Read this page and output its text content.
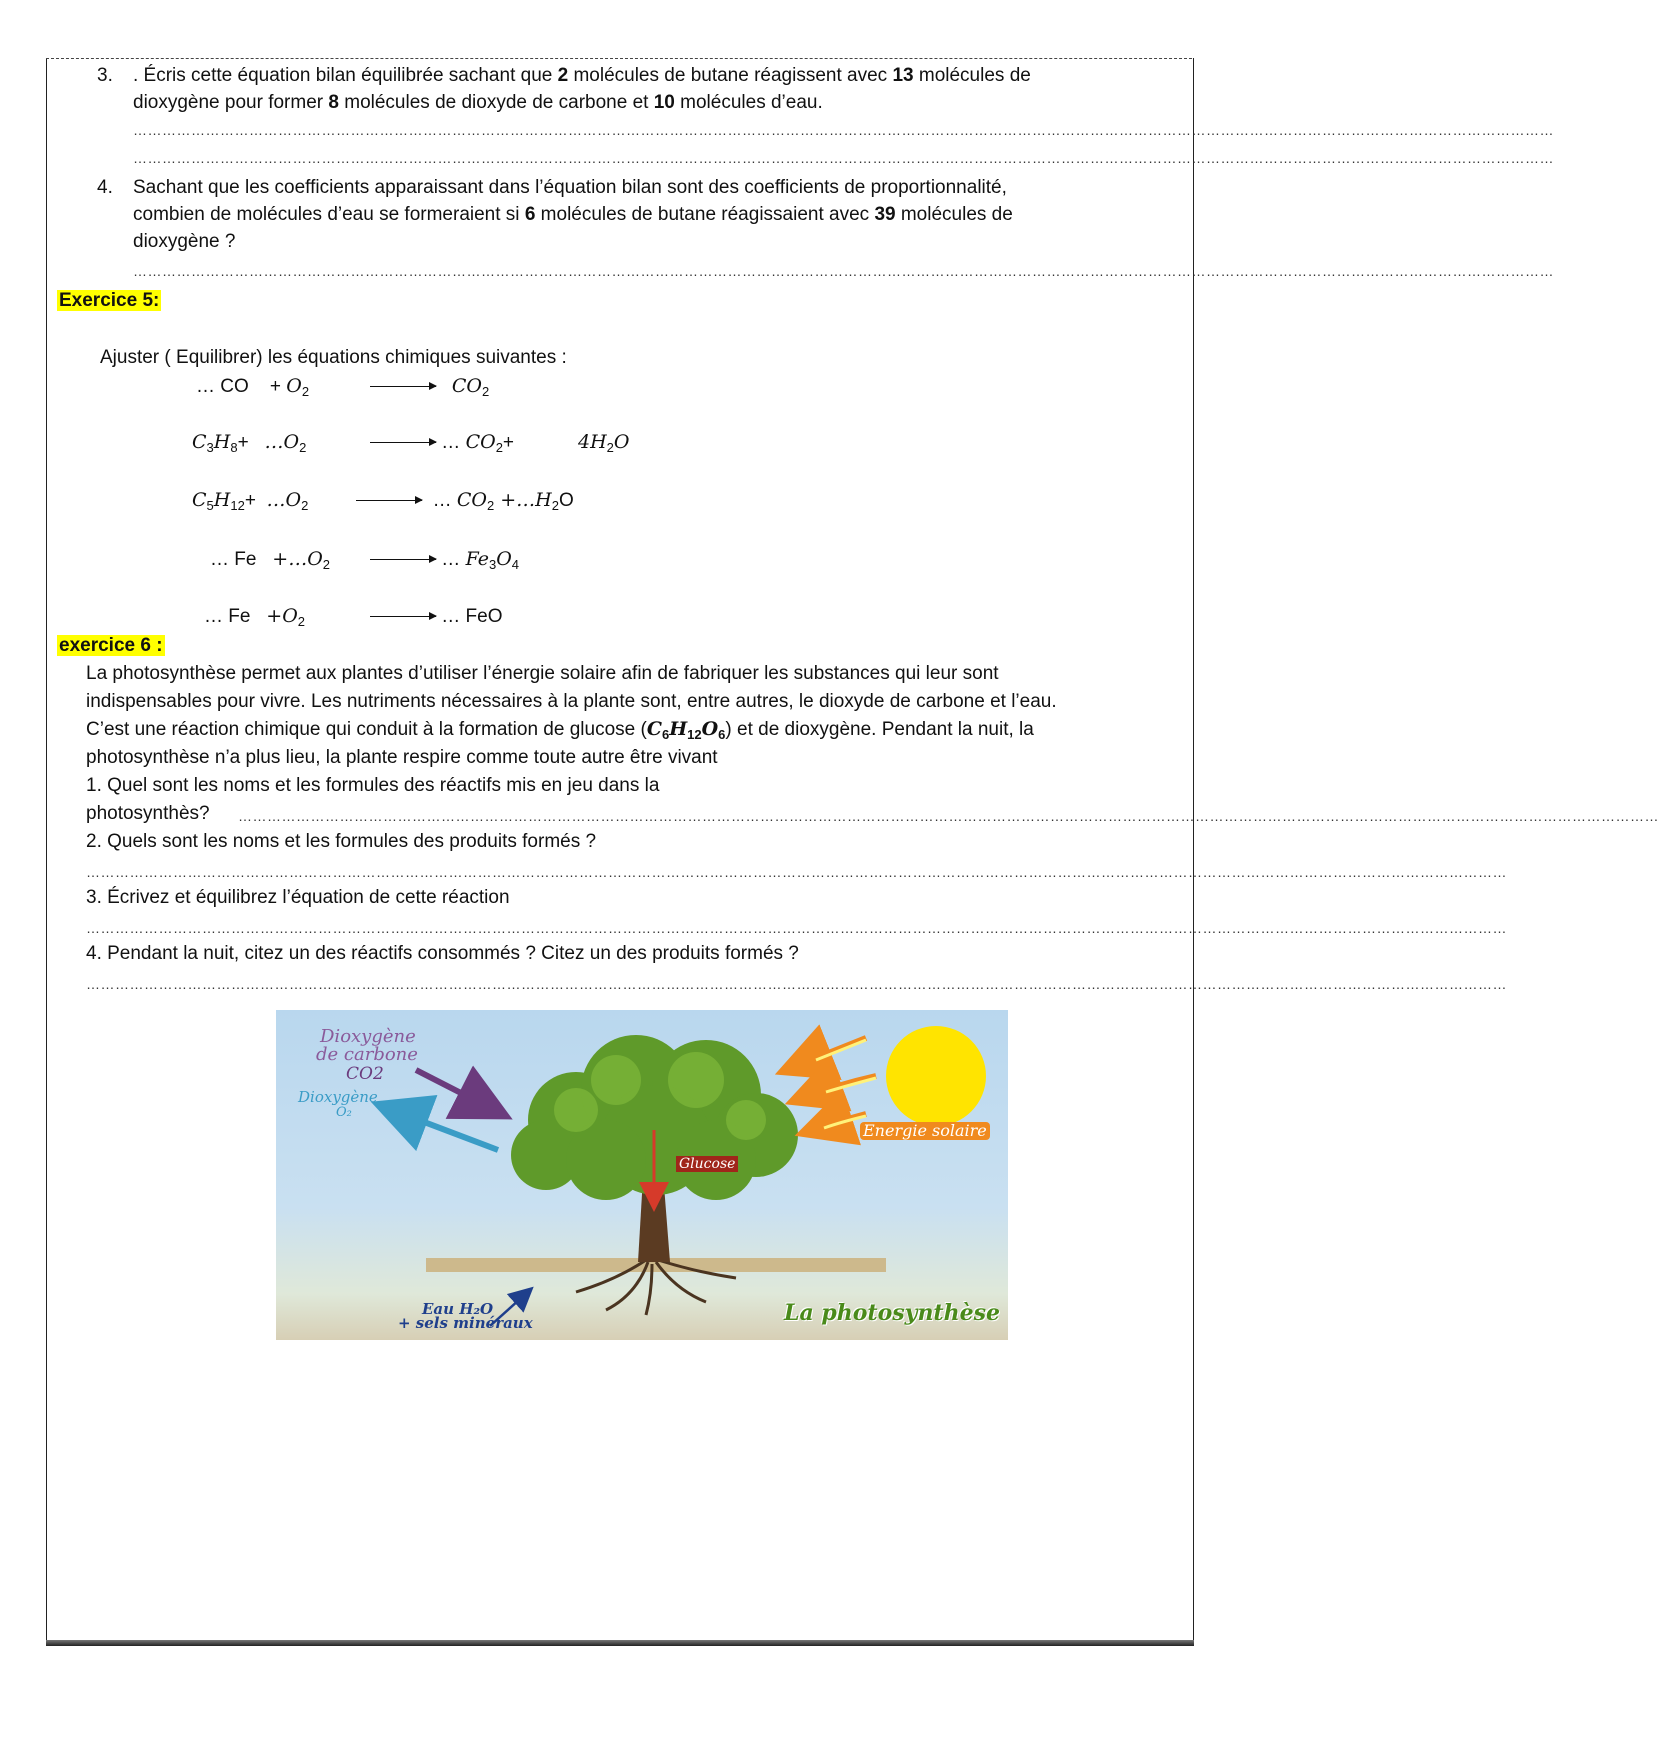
3. . Écris cette équation bilan équilibrée sachant que 2 molécules de butane réagissent avec 13 molécules de
dioxygène pour former 8 molécules de dioxyde de carbone et 10 molécules d’eau.
……………………………………………………………………………………………………………………………………………………………………………………………………………………………………………………………………
……………………………………………………………………………………………………………………………………………………………………………………………………………………………………………………………………
4. Sachant que les coefficients apparaissant dans l’équation bilan sont des coefficients de proportionnalité,
combien de molécules d’eau se formeraient si 6 molécules de butane réagissaient avec 39 molécules de
dioxygène ?
……………………………………………………………………………………………………………………………………………………………………………………………………………………………………………………………………
Exercice 5:
Ajuster ( Equilibrer) les équations chimiques suivantes :
… CO + $O_2$	→ $CO_2$
$C_3H_8+$ $\dots O_2$	→ … $CO_2+$	$4H_2O$
$C_5H_{12}+$ $\dots O_2$	→ … $CO_2$ $+\dots H_2O$
… $Fe +\dots O_2$ → … $Fe_3O_4$
… $Fe +O_2$	→ … FeO
exercice 6 :
La photosynthèse permet aux plantes d’utiliser l’énergie solaire afin de fabriquer les substances qui leur sont
indispensables pour vivre. Les nutriments nécessaires à la plante sont, entre autres, le dioxyde de carbone et l’eau.
C’est une réaction chimique qui conduit à la formation de glucose $(C_6H_{12}O_6)$ et de dioxygène. Pendant la nuit, la
photosynthèse n’a plus lieu, la plante respire comme toute autre être vivant
1. Quel sont les noms et les formules des réactifs mis en jeu dans la
photosynthès? ……………………………………………………………………………………………………………………………………………………………………………………………………………………………………………………………………
2. Quels sont les noms et les formules des produits formés ?
……………………………………………………………………………………………………………………………………………………………………………………………………………………………………………………………………
3. Écrivez et équilibrez l’équation de cette réaction
……………………………………………………………………………………………………………………………………………………………………………………………………………………………………………………………………
4. Pendant la nuit, citez un des réactifs consommés ? Citez un des produits formés ?
……………………………………………………………………………………………………………………………………………………………………………………………………………………………………………………………………
Dioxygène
de carbone
CO2
Dioxygène
O₂
Energie solaire
Glucose
Eau H₂O
+ sels minéraux	La photosynthèse
